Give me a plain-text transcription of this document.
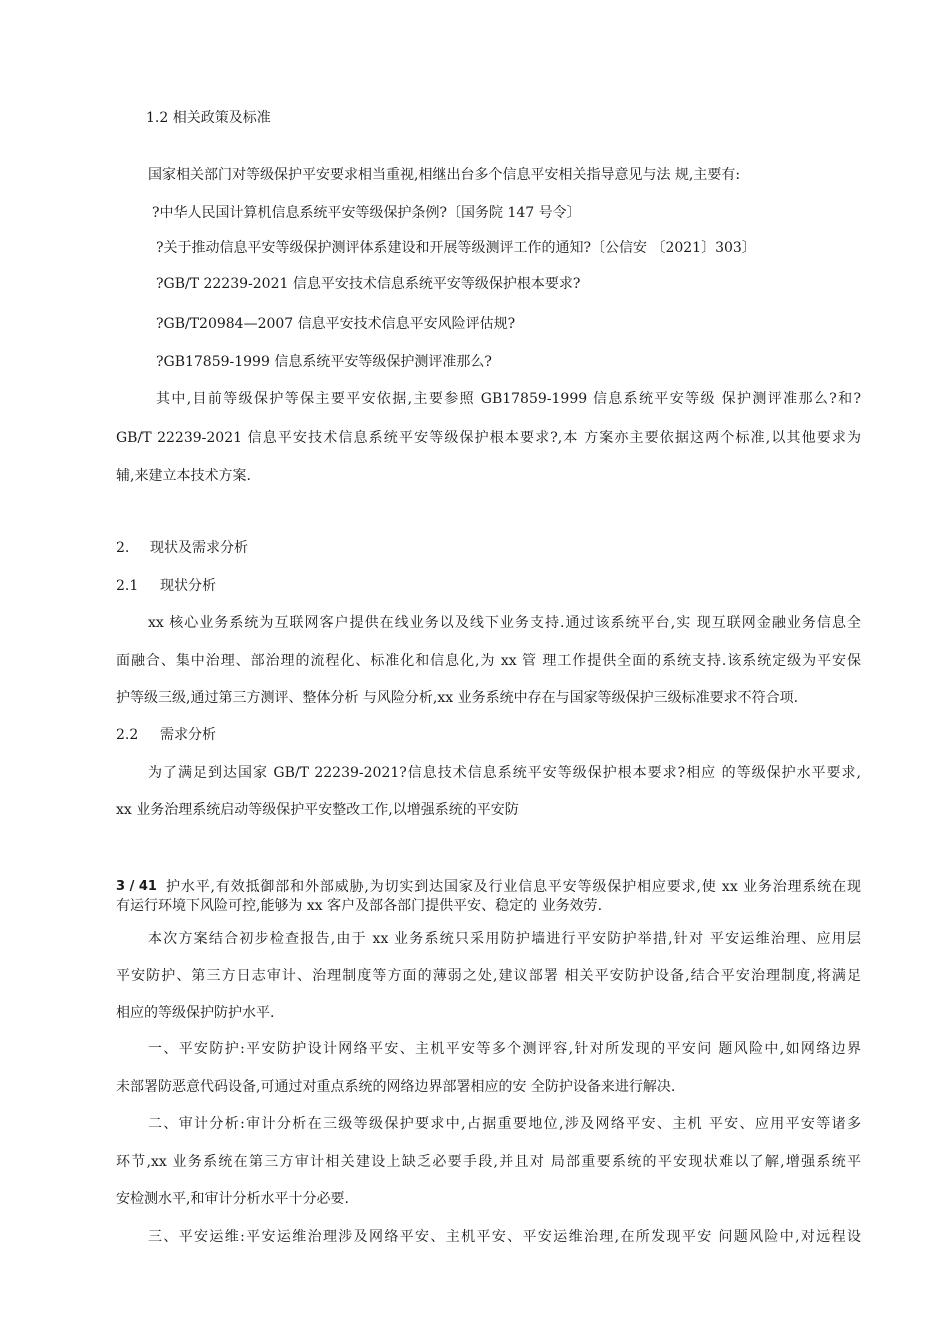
1.2 相关政策及标准
国家相关部门对等级保护平安要求相当重视,相继出台多个信息平安相关指导意见与法 规,主要有:
?中华人民国计算机信息系统平安等级保护条例?〔国务院 147 号令〕
?关于推动信息平安等级保护测评体系建设和开展等级测评工作的通知?〔公信安 〔2021〕303〕
?GB/T 22239-2021 信息平安技术信息系统平安等级保护根本要求?
?GB/T20984—2007 信息平安技术信息平安风险评估规?
?GB17859-1999 信息系统平安等级保护测评准那么?
其中,目前等级保护等保主要平安依据,主要参照 GB17859-1999 信息系统平安等级 保护测评准那么?和?
GB/T 22239-2021 信息平安技术信息系统平安等级保护根本要求?,本 方案亦主要依据这两个标准,以其他要求为
辅,来建立本技术方案.
2. 现状及需求分析
2.1 现状分析
xx 核心业务系统为互联网客户提供在线业务以及线下业务支持.通过该系统平台,实 现互联网金融业务信息全
面融合、集中治理、部治理的流程化、标准化和信息化,为 xx 管 理工作提供全面的系统支持.该系统定级为平安保
护等级三级,通过第三方测评、整体分析 与风险分析,xx 业务系统中存在与国家等级保护三级标准要求不符合项.
2.2 需求分析
为了满足到达国家 GB/T 22239-2021?信息技术信息系统平安等级保护根本要求?相应 的等级保护水平要求,
xx 业务治理系统启动等级保护平安整改工作,以增强系统的平安防
3 / 41 护水平,有效抵御部和外部威胁,为切实到达国家及行业信息平安等级保护相应要求,使 xx 业务治理系统在现
有运行环境下风险可控,能够为 xx 客户及部各部门提供平安、稳定的 业务效劳.
本次方案结合初步检查报告,由于 xx 业务系统只采用防护墙进行平安防护举措,针对 平安运维治理、应用层
平安防护、第三方日志审计、治理制度等方面的薄弱之处,建议部署 相关平安防护设备,结合平安治理制度,将满足
相应的等级保护防护水平.
一、平安防护:平安防护设计网络平安、主机平安等多个测评容,针对所发现的平安问 题风险中,如网络边界
未部署防恶意代码设备,可通过对重点系统的网络边界部署相应的安 全防护设备来进行解决.
二、审计分析:审计分析在三级等级保护要求中,占据重要地位,涉及网络平安、主机 平安、应用平安等诸多
环节,xx 业务系统在第三方审计相关建设上缺乏必要手段,并且对 局部重要系统的平安现状难以了解,增强系统平
安检测水平,和审计分析水平十分必要.
三、平安运维:平安运维治理涉及网络平安、主机平安、平安运维治理,在所发现平安 问题风险中,对远程设
